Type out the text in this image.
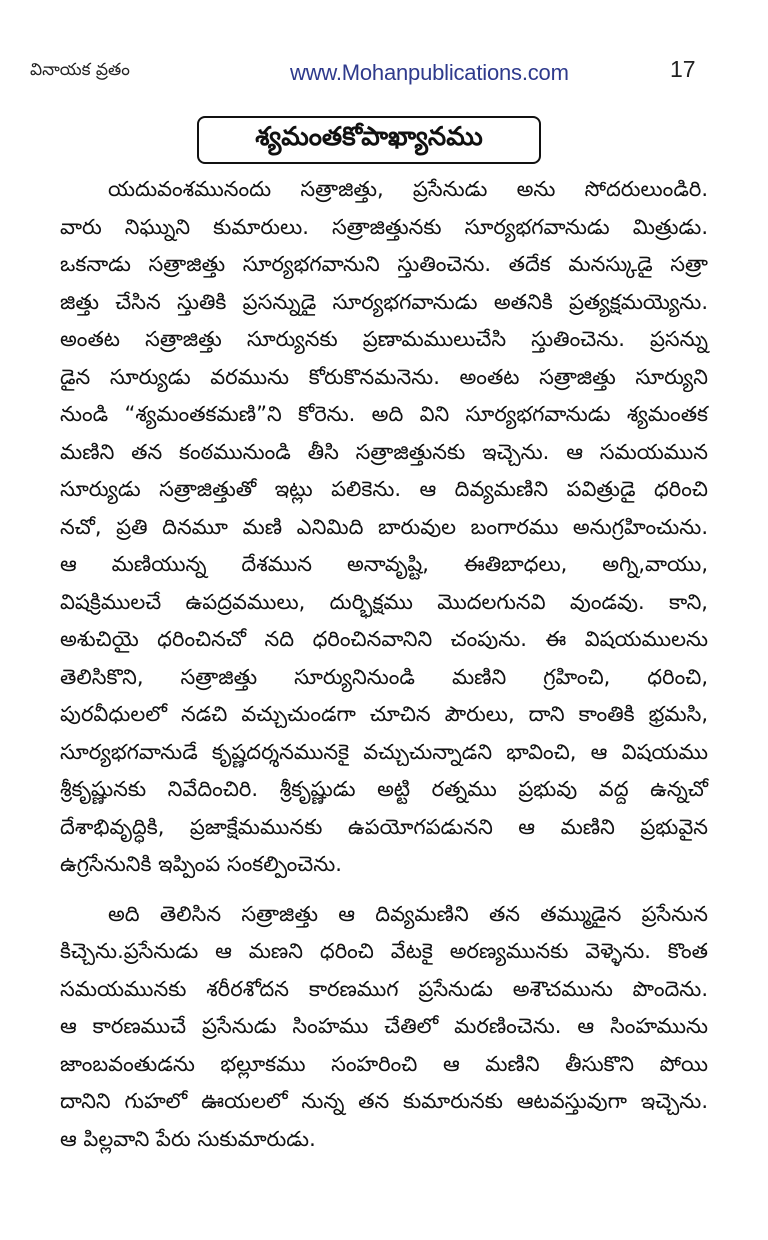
వినాయక వ్రతం	www.Mohanpublications.com	17
శ్యమంతకోపాఖ్యానము
యదువంశమునందు సత్రాజిత్తు, ప్రసేనుడు అను సోదరులుండిరి.
వారు నిఘ్నుని కుమారులు. సత్రాజిత్తునకు సూర్యభగవానుడు మిత్రుడు.
ఒకనాడు సత్రాజిత్తు సూర్యభగవానుని స్తుతించెను. తదేక మనస్కుడై సత్రా
జిత్తు చేసిన స్తుతికి ప్రసన్నుడై సూర్యభగవానుడు అతనికి ప్రత్యక్షమయ్యెను.
అంతట సత్రాజిత్తు సూర్యునకు ప్రణామములుచేసి స్తుతించెను. ప్రసన్ను
డైన సూర్యుడు వరమును కోరుకొనమనెను. అంతట సత్రాజిత్తు సూర్యుని
నుండి “శ్యమంతకమణి”ని కోరెను. అది విని సూర్యభగవానుడు శ్యమంతక
మణిని తన కంఠమునుండి తీసి సత్రాజిత్తునకు ఇచ్చెను. ఆ సమయమున
సూర్యుడు సత్రాజిత్తుతో ఇట్లు పలికెను. ఆ దివ్యమణిని పవిత్రుడై ధరించి
నచో, ప్రతి దినమూ మణి ఎనిమిది బారువుల బంగారము అనుగ్రహించును.
ఆ మణియున్న దేశమున అనావృష్టి, ఈతిబాధలు, అగ్ని,వాయు,
విషక్రిములచే ఉపద్రవములు, దుర్భిక్షము మొదలగునవి వుండవు. కాని,
అశుచియై ధరించినచో నది ధరించినవానిని చంపును. ఈ విషయములను
తెలిసికొని, సత్రాజిత్తు సూర్యునినుండి మణిని గ్రహించి, ధరించి,
పురవీధులలో నడచి వచ్చుచుండగా చూచిన పౌరులు, దాని కాంతికి భ్రమసి,
సూర్యభగవానుడే కృష్ణదర్శనమునకై వచ్చుచున్నాడని భావించి, ఆ విషయము
శ్రీకృష్ణునకు నివేదించిరి. శ్రీకృష్ణుడు అట్టి రత్నము ప్రభువు వద్ద ఉన్నచో
దేశాభివృద్ధికి, ప్రజాక్షేమమునకు ఉపయోగపడునని ఆ మణిని ప్రభువైన
ఉగ్రసేనునికి ఇప్పింప సంకల్పించెను.
అది తెలిసిన సత్రాజిత్తు ఆ దివ్యమణిని తన తమ్ముడైన ప్రసేనున
కిచ్చెను.ప్రసేనుడు ఆ మణని ధరించి వేటకై అరణ్యమునకు వెళ్ళెను. కొంత
సమయమునకు శరీరశోదన కారణముగ ప్రసేనుడు అశౌచమును పొందెను.
ఆ కారణముచే ప్రసేనుడు సింహము చేతిలో మరణించెను. ఆ సింహమును
జాంబవంతుడను భల్లూకము సంహరించి ఆ మణిని తీసుకొని పోయి
దానిని గుహలో ఊయలలో నున్న తన కుమారునకు ఆటవస్తువుగా ఇచ్చెను.
ఆ పిల్లవాని పేరు సుకుమారుడు.
